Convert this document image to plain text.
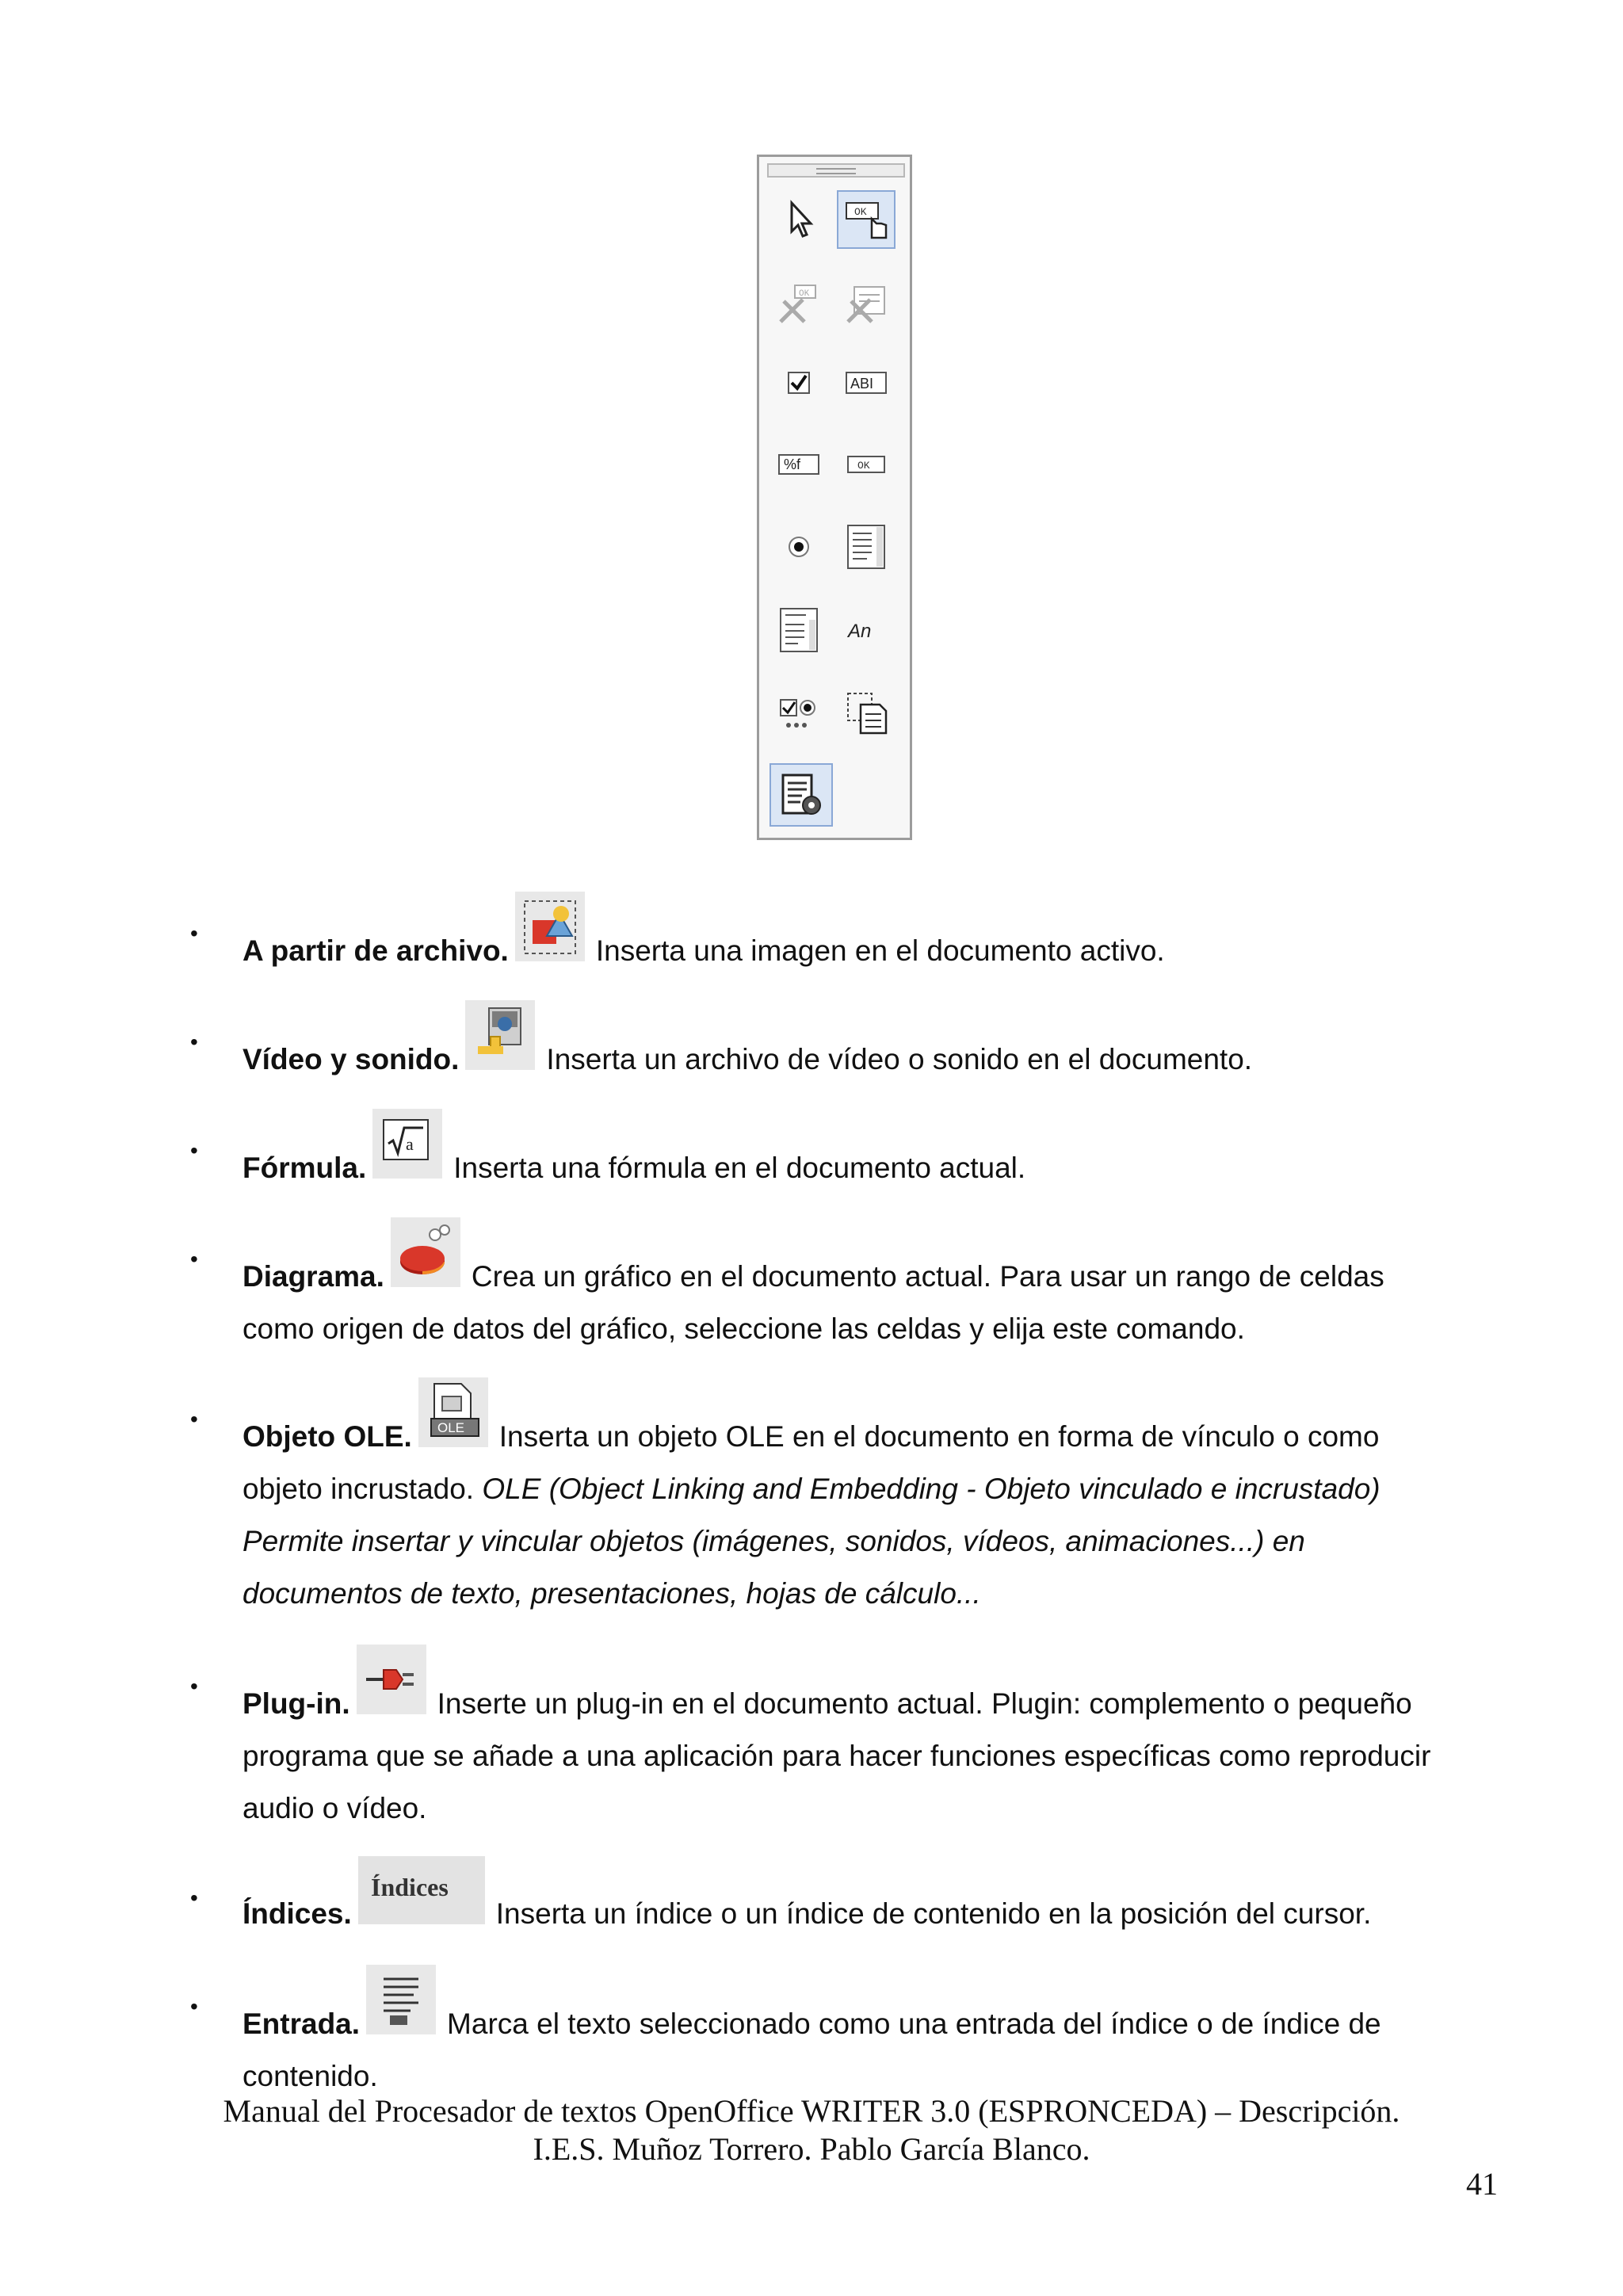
OK
OK
ABI
%f	OK
An
•
A partir de archivo.	Inserta una imagen en el documento activo.
•
Vídeo y sonido.	Inserta un archivo de vídeo o sonido en el documento.
•
Fórmula.
a
Inserta una fórmula en el documento actual.
•
Diagrama.	Crea un gráfico en el documento actual. Para usar un rango de celdas
como origen de datos del gráfico, seleccione las celdas y elija este comando.
•
Objeto OLE. OLE Inserta un objeto OLE en el documento en forma de vínculo o como
objeto incrustado. OLE (Object Linking and Embedding - Objeto vinculado e incrustado)
Permite insertar y vincular objetos (imágenes, sonidos, vídeos, animaciones...) en
documentos de texto, presentaciones, hojas de cálculo...
•
Plug-in.	Inserte un plug-in en el documento actual. Plugin: complemento o pequeño
programa que se añade a una aplicación para hacer funciones específicas como reproducir
audio o vídeo.
• Índices.
Índices
Inserta un índice o un índice de contenido en la posición del cursor.
•
Entrada.	Marca el texto seleccionado como una entrada del índice o de índice de
contenido.
Manual del Procesador de textos OpenOffice WRITER 3.0 (ESPRONCEDA) – Descripción.
I.E.S. Muñoz Torrero. Pablo García Blanco.
41
